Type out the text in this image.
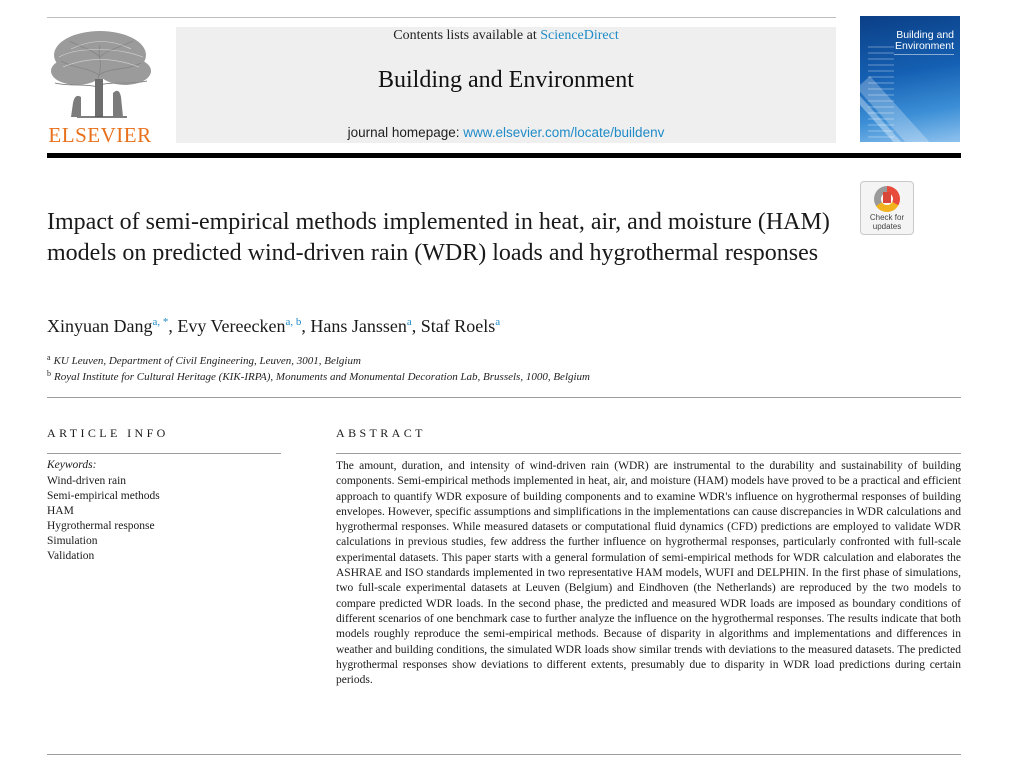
ELSEVIER
Contents lists available at ScienceDirect
Building and Environment
journal homepage: www.elsevier.com/locate/buildenv
Building and
Environment
Check for updates
Impact of semi-empirical methods implemented in heat, air, and moisture (HAM) models on predicted wind-driven rain (WDR) loads and hygrothermal responses
Xinyuan Dang$^{a, *}$, Evy Vereecken$^{a, b}$, Hans Janssen$^a$, Staf Roels$^a$
$^a$ KU Leuven, Department of Civil Engineering, Leuven, 3001, Belgium
$^b$ Royal Institute for Cultural Heritage (KIK-IRPA), Monuments and Monumental Decoration Lab, Brussels, 1000, Belgium
ARTICLE INFO
Keywords:
Wind-driven rain
Semi-empirical methods
HAM
Hygrothermal response
Simulation
Validation
ABSTRACT

The amount, duration, and intensity of wind-driven rain (WDR) are instrumental to the durability and sustainability of building components. Semi-empirical methods implemented in heat, air, and moisture (HAM) models have proved to be a practical and efficient approach to quantify WDR exposure of building components and to examine WDR's influence on hygrothermal responses of building envelopes. However, specific assumptions and simplifications in the implementations can cause discrepancies in WDR calculations and hygrothermal responses. While measured datasets or computational fluid dynamics (CFD) predictions are employed to validate WDR calculations in previous studies, few address the further influence on hygrothermal responses, particularly confronted with full-scale experimental datasets. This paper starts with a general formulation of semi-empirical methods for WDR calculation and elaborates the ASHRAE and ISO standards implemented in two representative HAM models, WUFI and DELPHIN. In the first phase of simulations, two full-scale experimental datasets at Leuven (Belgium) and Eindhoven (the Netherlands) are reproduced by the two models to compare predicted WDR loads. In the second phase, the predicted and measured WDR loads are imposed as boundary conditions of different scenarios of one benchmark case to further analyze the influence on the hygrothermal responses. The results indicate that both models roughly reproduce the semi-empirical methods. Because of disparity in algorithms and implementations and differences in weather and building conditions, the simulated WDR loads show similar trends with deviations to the measured datasets. The predicted hygrothermal responses show deviations to different extents, presumably due to disparity in WDR load predictions during certain periods.
